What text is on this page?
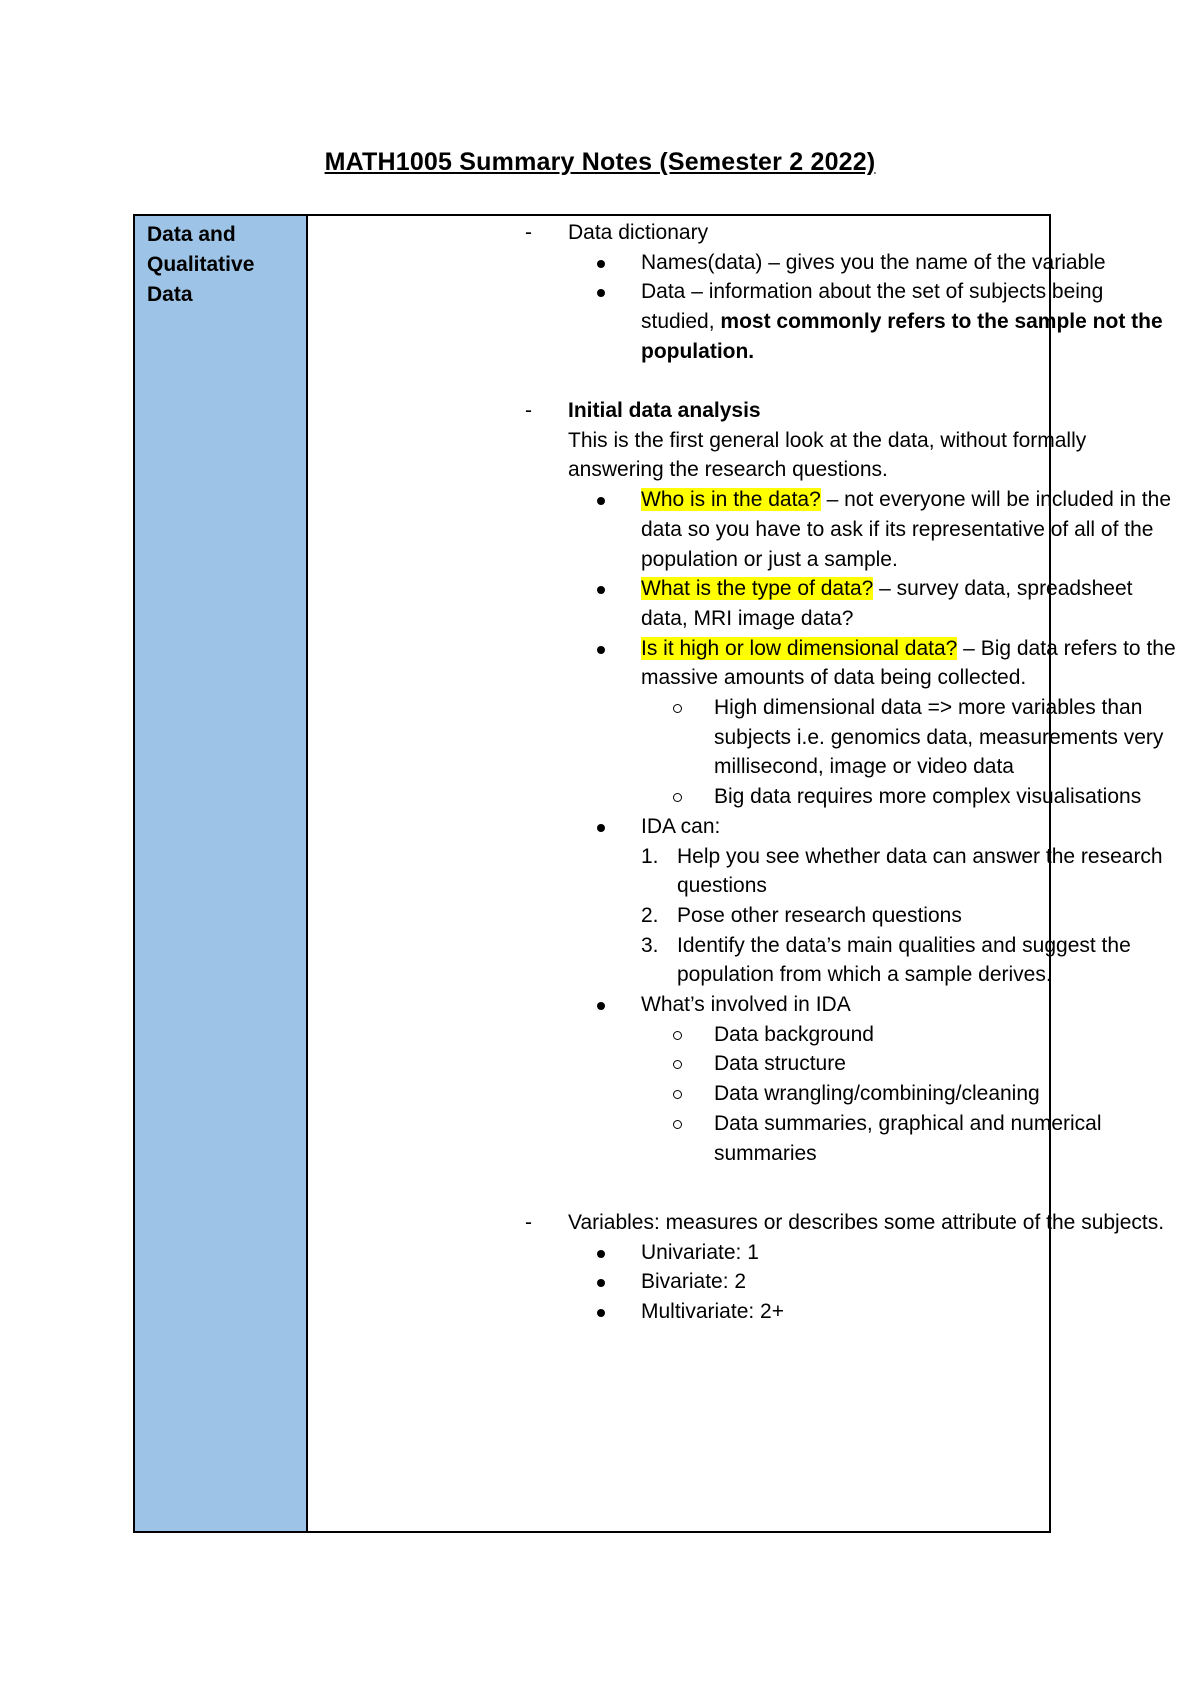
MATH1005 Summary Notes (Semester 2 2022)
Data and
Qualitative
Data
- Data dictionary
Names(data) – gives you the name of the variable
Data – information about the set of subjects being
studied, most commonly refers to the sample not the
population.
- Initial data analysis
This is the first general look at the data, without formally
answering the research questions.
Who is in the data? – not everyone will be included in the
data so you have to ask if its representative of all of the
population or just a sample.
What is the type of data? – survey data, spreadsheet
data, MRI image data?
Is it high or low dimensional data? – Big data refers to the
massive amounts of data being collected.
High dimensional data => more variables than
subjects i.e. genomics data, measurements very
millisecond, image or video data
Big data requires more complex visualisations
IDA can:
1. Help you see whether data can answer the research
questions
2. Pose other research questions
3. Identify the data’s main qualities and suggest the
population from which a sample derives.
What’s involved in IDA
Data background
Data structure
Data wrangling/combining/cleaning
Data summaries, graphical and numerical
summaries
- Variables: measures or describes some attribute of the subjects.
Univariate: 1
Bivariate: 2
Multivariate: 2+
